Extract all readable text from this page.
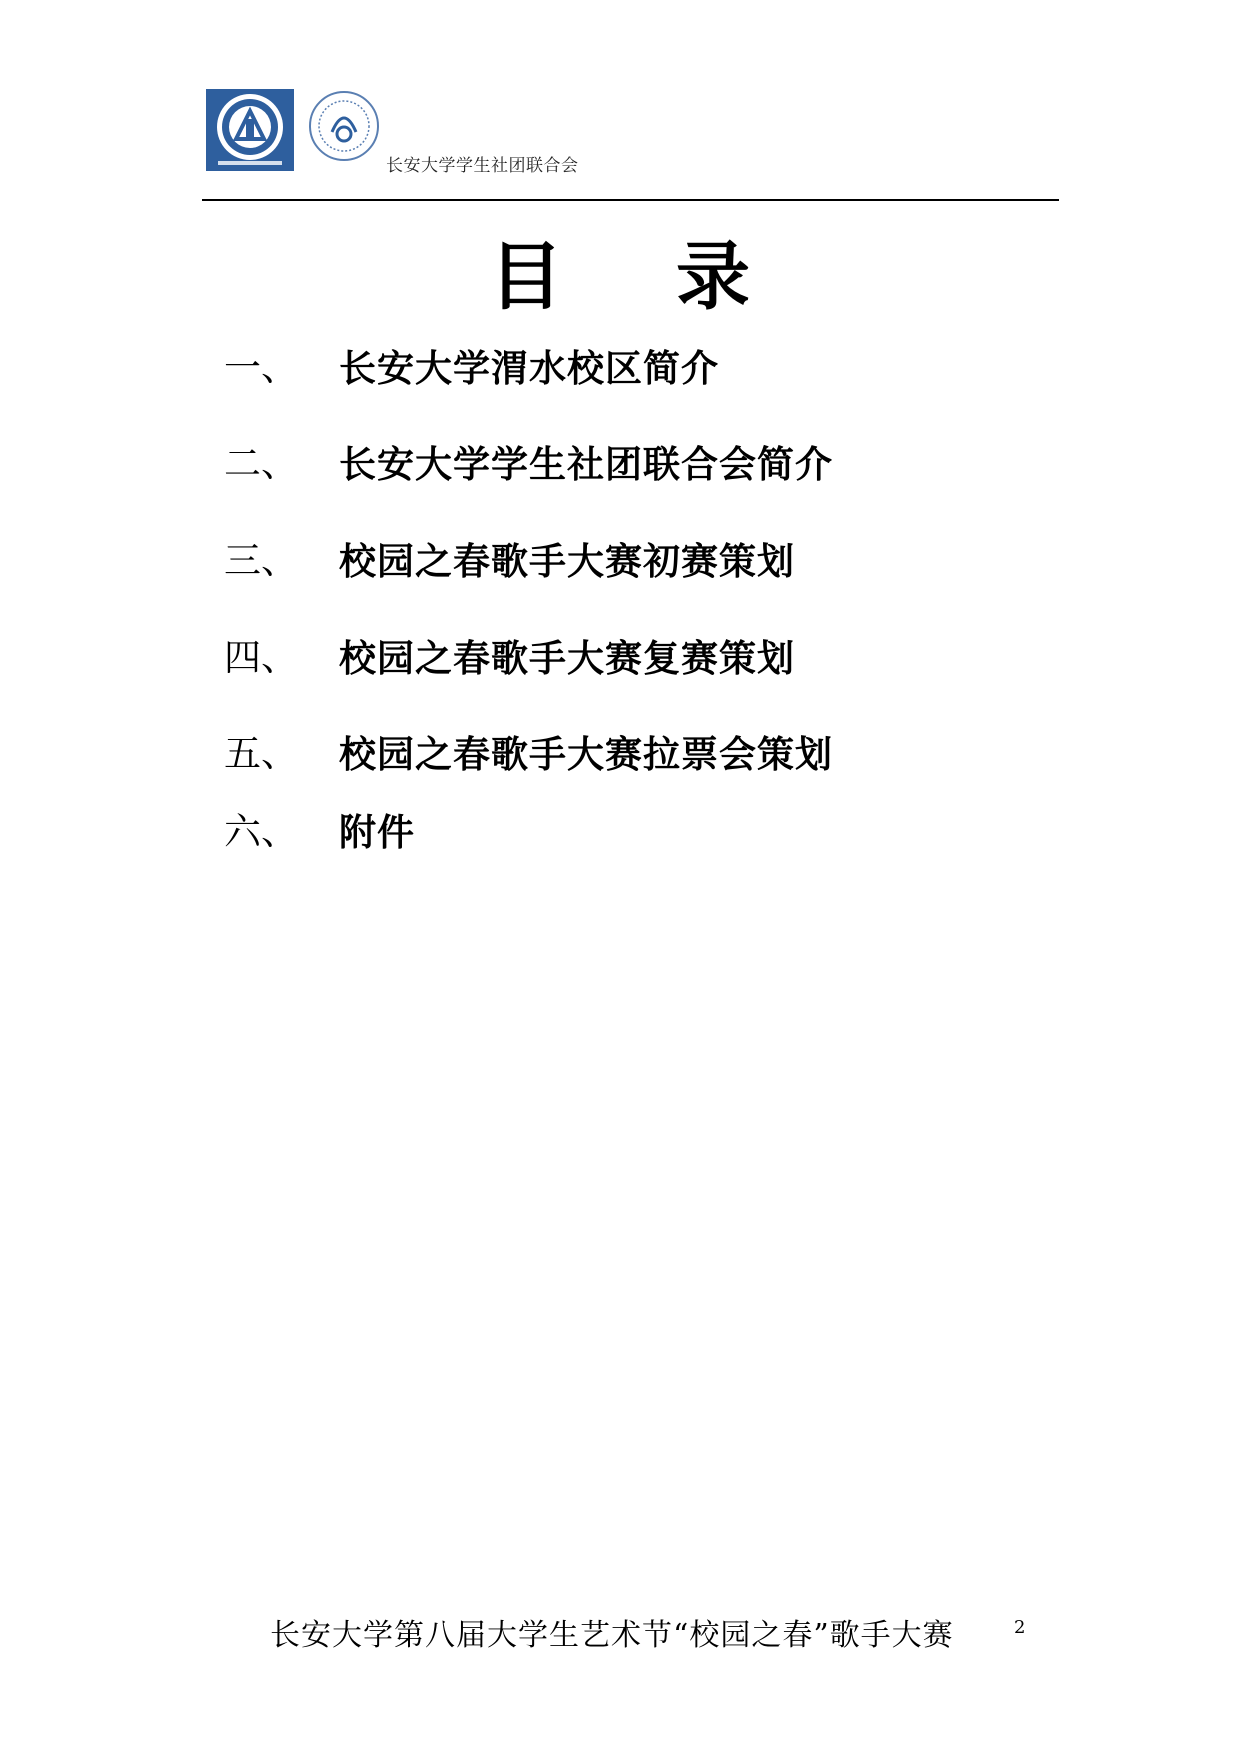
长安大学学生社团联合会
目    录
一、	长安大学渭水校区简介
二、	长安大学学生社团联合会简介
三、	校园之春歌手大赛初赛策划
四、	校园之春歌手大赛复赛策划
五、	校园之春歌手大赛拉票会策划
六、	附件
长安大学第八届大学生艺术节“校园之春”歌手大赛	2
